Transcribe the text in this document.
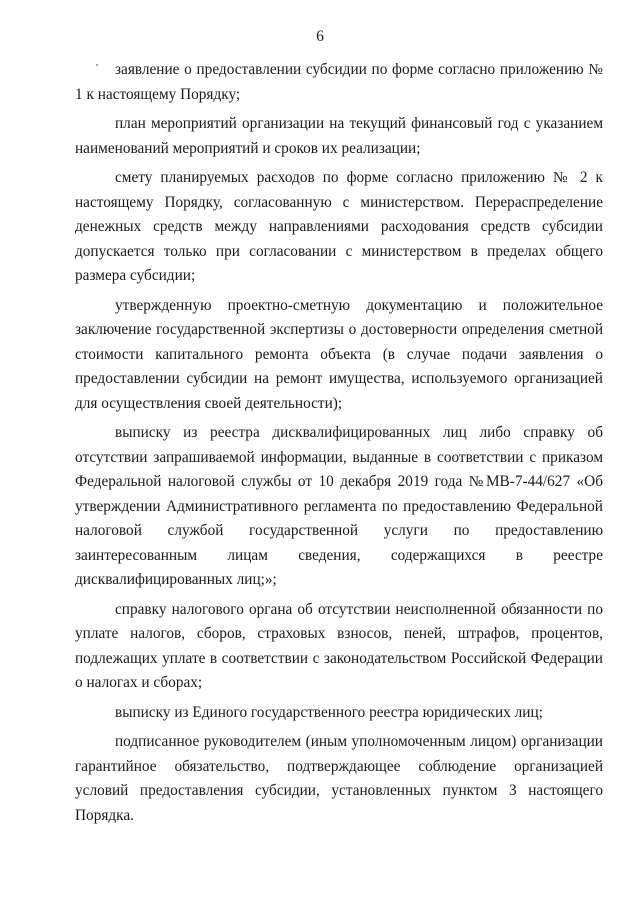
6

заявление о предоставлении субсидии по форме согласно приложению № 1 к настоящему Порядку;

план мероприятий организации на текущий финансовый год с указанием наименований мероприятий и сроков их реализации;

смету планируемых расходов по форме согласно приложению № 2 к настоящему Порядку, согласованную с министерством. Перераспределение денежных средств между направлениями расходования средств субсидии допускается только при согласовании с министерством в пределах общего размера субсидии;

утвержденную проектно-сметную документацию и положительное заключение государственной экспертизы о достоверности определения сметной стоимости капитального ремонта объекта (в случае подачи заявления о предоставлении субсидии на ремонт имущества, используемого организацией для осуществления своей деятельности);

выписку из реестра дисквалифицированных лиц либо справку об отсутствии запрашиваемой информации, выданные в соответствии с приказом Федеральной налоговой службы от 10 декабря 2019 года №МВ-7-44/627 «Об утверждении Административного регламента по предоставлению Федеральной налоговой службой государственной услуги по предоставлению заинтересованным лицам сведения, содержащихся в реестре дисквалифицированных лиц;»;

справку налогового органа об отсутствии неисполненной обязанности по уплате налогов, сборов, страховых взносов, пеней, штрафов, процентов, подлежащих уплате в соответствии с законодательством Российской Федерации о налогах и сборах;

выписку из Единого государственного реестра юридических лиц;

подписанное руководителем (иным уполномоченным лицом) организации гарантийное обязательство, подтверждающее соблюдение организацией условий предоставления субсидии, установленных пунктом 3 настоящего Порядка.
